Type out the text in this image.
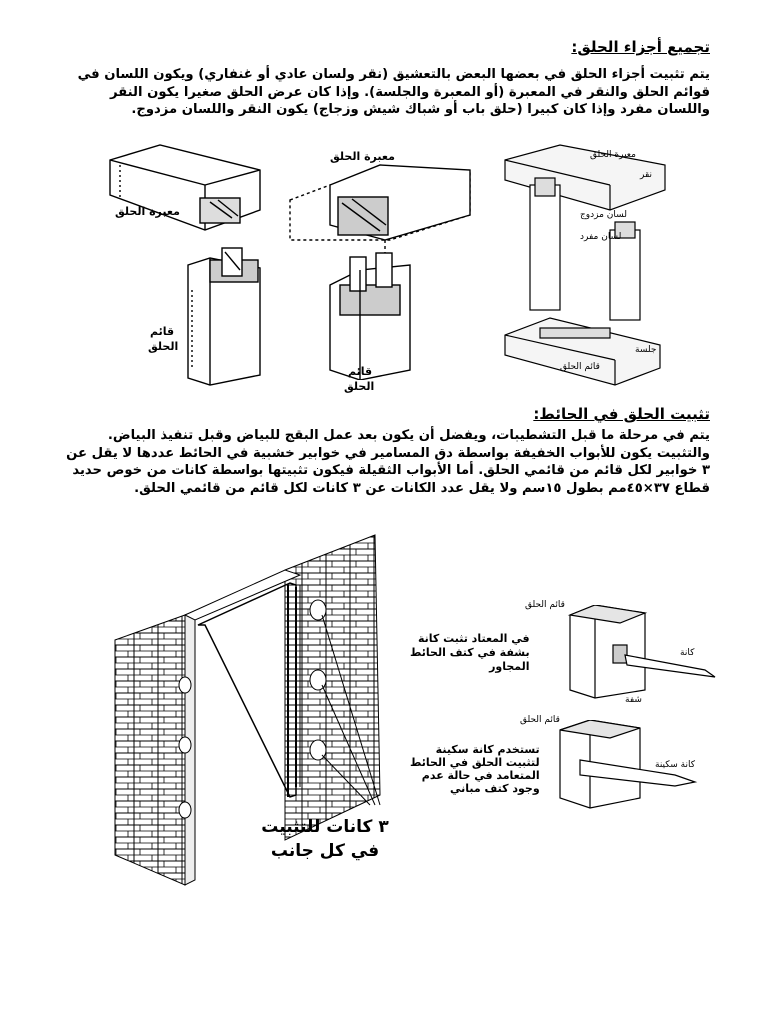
تجميع أجزاء الحلق:
يتم تثبيت أجزاء الحلق في بعضها البعض بالتعشيق (نقر ولسان عادي أو غنفاري) ويكون اللسان في
قوائم الحلق والنقر في المعبرة (أو المعبرة والجلسة). وإذا كان عرض الحلق صغيرا يكون النقر
واللسان مفرد وإذا كان كبيرا (حلق باب أو شباك شيش وزجاج) يكون النقر واللسان مزدوج.
معبرة الحلق
قائم
الحلق
معبرة الحلق
قائم
الحلق
معبرة الحلق
نقر
لسان مزدوج
لسان مفرد
جلسة
قائم الحلق
تثبيت الحلق في الحائط:
يتم في مرحلة ما قبل التشطيبات، ويفضل أن يكون بعد عمل البقج للبياض وقبل تنفيذ البياض.
والتثبيت يكون للأبواب الخفيفة بواسطة دق المسامير في خوابير خشبية في الحائط عددها لا يقل عن
٣ خوابير لكل قائم من قائمي الحلق. أما الأبواب الثقيلة فيكون تثبيتها بواسطة كانات من خوص حديد
قطاع ٣٧×٤٥مم بطول ١٥سم ولا يقل عدد الكانات عن ٣ كانات لكل قائم من قائمي الحلق.
٣ كانات للتثبيت
في كل جانب
قائم الحلق
في المعتاد تثبت كانة
بشفة في كتف الحائط
المجاور
كانة
شفة
قائم الحلق
تستخدم كانة سكينة
لتثبيت الحلق في الحائط
المتعامد في حالة عدم
وجود كتف مباني
كانة سكينة
